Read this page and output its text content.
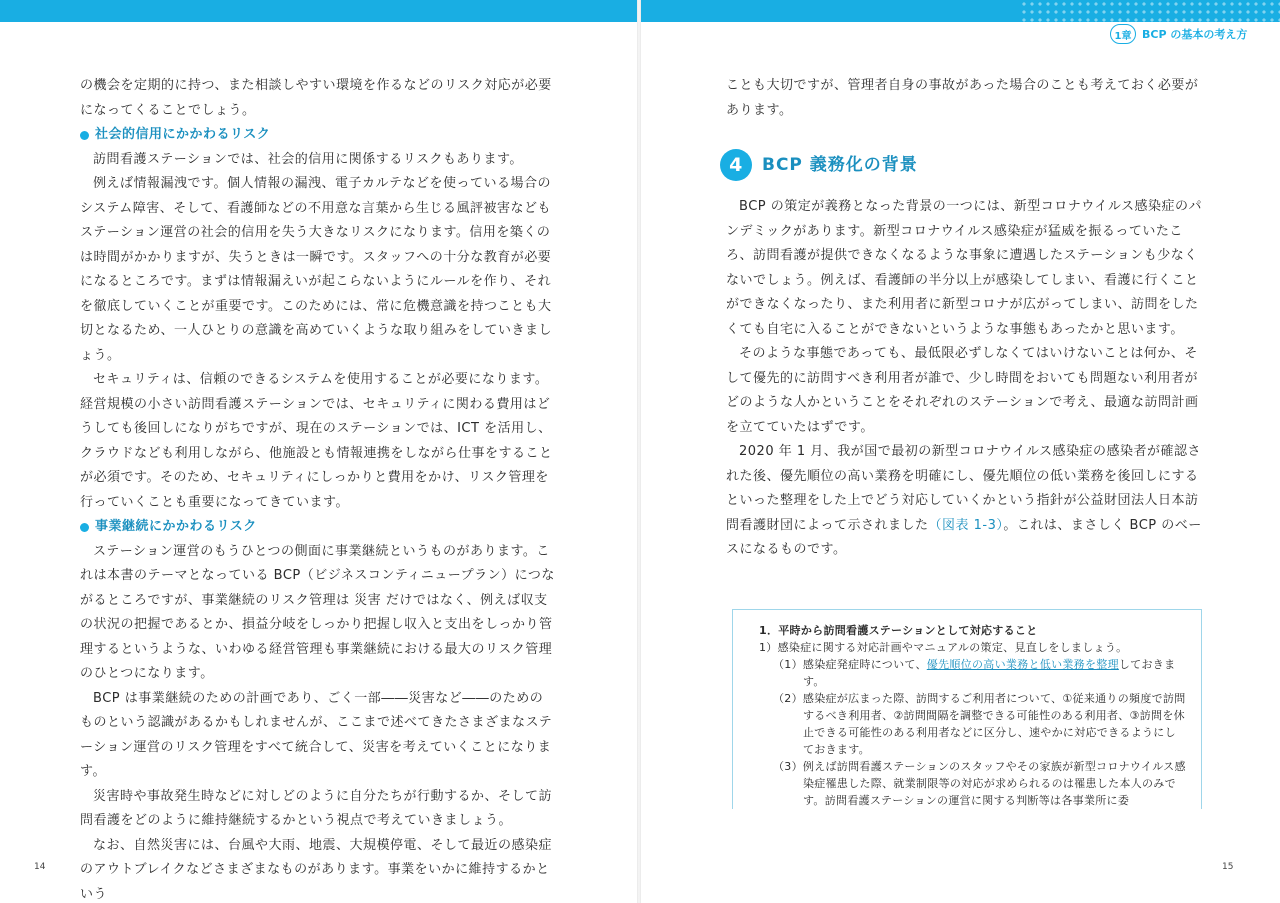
1章 BCP の基本の考え方

の機会を定期的に持つ、また相談しやすい環境を作るなどのリスク対応が必要になってくることでしょう。

社会的信用にかかわるリスク

訪問看護ステーションでは、社会的信用に関係するリスクもあります。

例えば情報漏洩です。個人情報の漏洩、電子カルテなどを使っている場合のシステム障害、そして、看護師などの不用意な言葉から生じる風評被害などもステーション運営の社会的信用を失う大きなリスクになります。信用を築くのは時間がかかりますが、失うときは一瞬です。スタッフへの十分な教育が必要になるところです。まずは情報漏えいが起こらないようにルールを作り、それを徹底していくことが重要です。このためには、常に危機意識を持つことも大切となるため、一人ひとりの意識を高めていくような取り組みをしていきましょう。

セキュリティは、信頼のできるシステムを使用することが必要になります。経営規模の小さい訪問看護ステーションでは、セキュリティに関わる費用はどうしても後回しになりがちですが、現在のステーションでは、ICT を活用し、クラウドなども利用しながら、他施設とも情報連携をしながら仕事をすることが必須です。そのため、セキュリティにしっかりと費用をかけ、リスク管理を行っていくことも重要になってきています。

事業継続にかかわるリスク

ステーション運営のもうひとつの側面に事業継続というものがあります。これは本書のテーマとなっている BCP（ビジネスコンティニュープラン）につながるところですが、事業継続のリスク管理は 災害 だけではなく、例えば収支の状況の把握であるとか、損益分岐をしっかり把握し収入と支出をしっかり管理するというような、いわゆる経営管理も事業継続における最大のリスク管理のひとつになります。

BCP は事業継続のための計画であり、ごく一部――災害など――のためのものという認識があるかもしれませんが、ここまで述べてきたさまざまなステーション運営のリスク管理をすべて統合して、災害を考えていくことになります。

災害時や事故発生時などに対しどのように自分たちが行動するか、そして訪問看護をどのように維持継続するかという視点で考えていきましょう。

なお、自然災害には、台風や大雨、地震、大規模停電、そして最近の感染症のアウトブレイクなどさまざまなものがあります。事業をいかに維持するかという

14

ことも大切ですが、管理者自身の事故があった場合のことも考えておく必要があります。

4	BCP 義務化の背景

BCP の策定が義務となった背景の一つには、新型コロナウイルス感染症のパンデミックがあります。新型コロナウイルス感染症が猛威を振るっていたころ、訪問看護が提供できなくなるような事象に遭遇したステーションも少なくないでしょう。例えば、看護師の半分以上が感染してしまい、看護に行くことができなくなったり、また利用者に新型コロナが広がってしまい、訪問をしたくても自宅に入ることができないというような事態もあったかと思います。

そのような事態であっても、最低限必ずしなくてはいけないことは何か、そして優先的に訪問すべき利用者が誰で、少し時間をおいても問題ない利用者がどのような人かということをそれぞれのステーションで考え、最適な訪問計画を立てていたはずです。

2020 年 1 月、我が国で最初の新型コロナウイルス感染症の感染者が確認された後、優先順位の高い業務を明確にし、優先順位の低い業務を後回しにするといった整理をした上でどう対応していくかという指針が公益財団法人日本訪問看護財団によって示されました（図表 1-3）。これは、まさしく BCP のベースになるものです。

1．平時から訪問看護ステーションとして対応すること
1）感染症に関する対応計画やマニュアルの策定、見直しをしましょう。
（1）感染症発症時について、優先順位の高い業務と低い業務を整理しておきます。
（2）感染症が広まった際、訪問するご利用者について、①従来通りの頻度で訪問するべき利用者、②訪問間隔を調整できる可能性のある利用者、③訪問を休止できる可能性のある利用者などに区分し、速やかに対応できるようにしておきます。
（3）例えば訪問看護ステーションのスタッフやその家族が新型コロナウイルス感染症罹患した際、就業制限等の対応が求められるのは罹患した本人のみです。訪問看護ステーションの運営に関する判断等は各事業所に委
15
